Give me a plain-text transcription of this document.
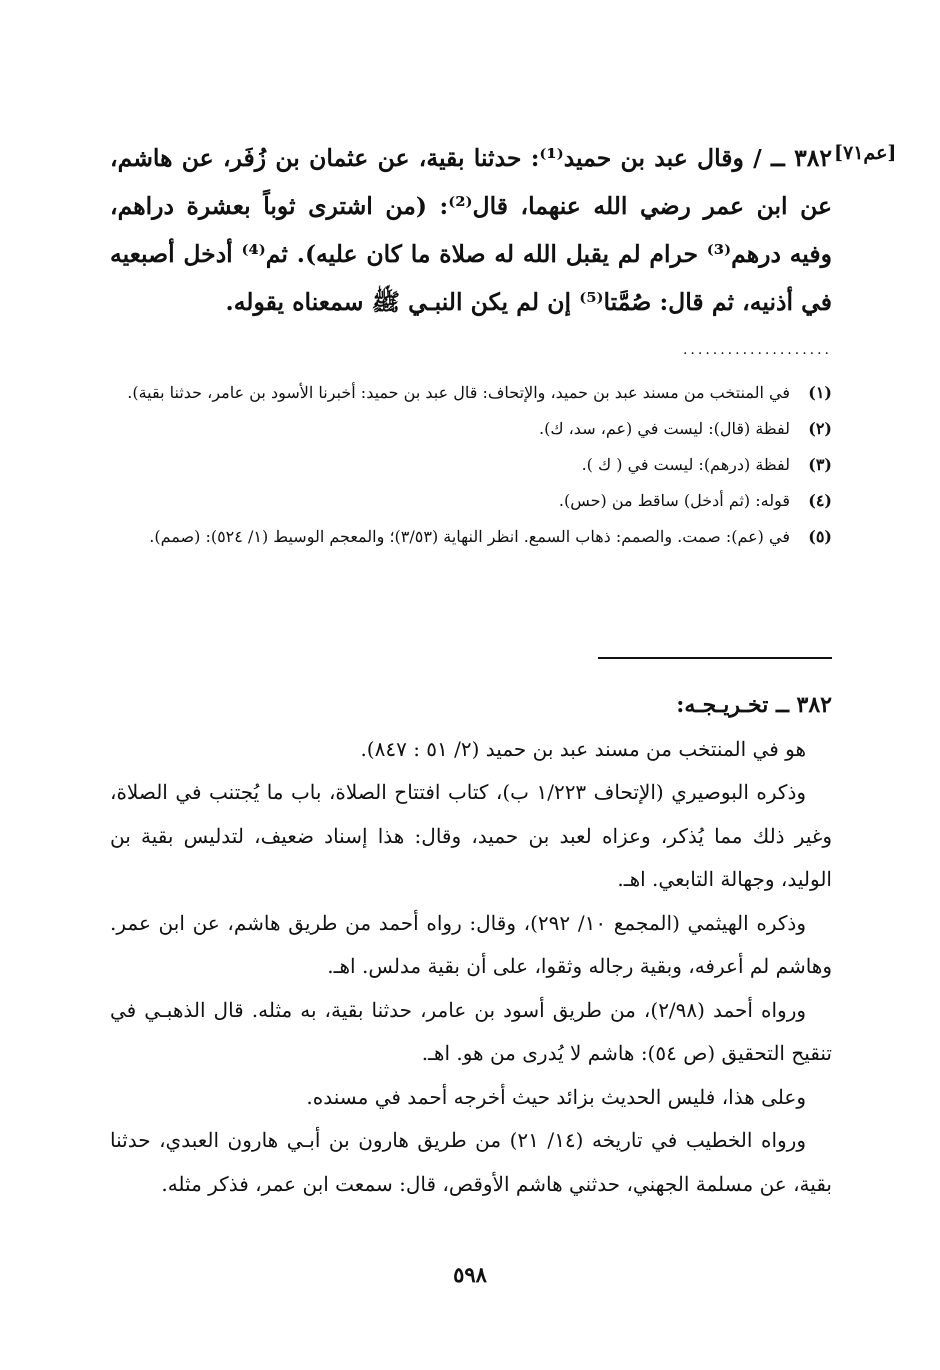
[عم٧١]

٣٨٢ ــ / وقال عبد بن حميد⁽¹⁾: حدثنا بقية، عن عثمان بن زُفَر، عن هاشم، عن ابن عمر رضي الله عنهما، قال⁽²⁾: (من اشترى ثوباً بعشرة دراهم، وفيه درهم⁽³⁾ حرام لم يقبل الله له صلاة ما كان عليه). ثم⁽⁴⁾ أدخل أصبعيه في أذنيه، ثم قال: صُمَّتا⁽⁵⁾ إن لم يكن النبـي ﷺ سمعناه يقوله.

....................
(١)
في المنتخب من مسند عبد بن حميد، والإتحاف: قال عبد بن حميد: أخبرنا الأسود بن عامر، حدثنا بقية).
(٢)
لفظة (قال): ليست في (عم، سد، ك).
(٣)
لفظة (درهم): ليست في ( ك ).
(٤)
قوله: (ثم أدخل) ساقط من (حس).
(٥)
في (عم): صمت. والصمم: ذهاب السمع. انظر النهاية (٣/٥٣)؛ والمعجم الوسيط (١/ ٥٢٤): (صمم).

٣٨٢ ــ تخـريـجـه:

هو في المنتخب من مسند عبد بن حميد (٢/ ٥١ : ٨٤٧).

وذكره البوصيري (الإتحاف ١/٢٢٣ ب)، كتاب افتتاح الصلاة، باب ما يُجتنب في الصلاة، وغير ذلك مما يُذكر، وعزاه لعبد بن حميد، وقال: هذا إسناد ضعيف، لتدليس بقية بن الوليد، وجهالة التابعي. اهـ.

وذكره الهيثمي (المجمع ١٠/ ٢٩٢)، وقال: رواه أحمد من طريق هاشم، عن ابن عمر. وهاشم لم أعرفه، وبقية رجاله وثقوا، على أن بقية مدلس. اهـ.

ورواه أحمد (٢/٩٨)، من طريق أسود بن عامر، حدثنا بقية، به مثله. قال الذهبـي في تنقيح التحقيق (ص ٥٤): هاشم لا يُدرى من هو. اهـ.

وعلى هذا، فليس الحديث بزائد حيث أخرجه أحمد في مسنده.

ورواه الخطيب في تاريخه (١٤/ ٢١) من طريق هارون بن أبـي هارون العبدي، حدثنا بقية، عن مسلمة الجهني، حدثني هاشم الأوقص، قال: سمعت ابن عمر، فذكر مثله.

٥٩٨
